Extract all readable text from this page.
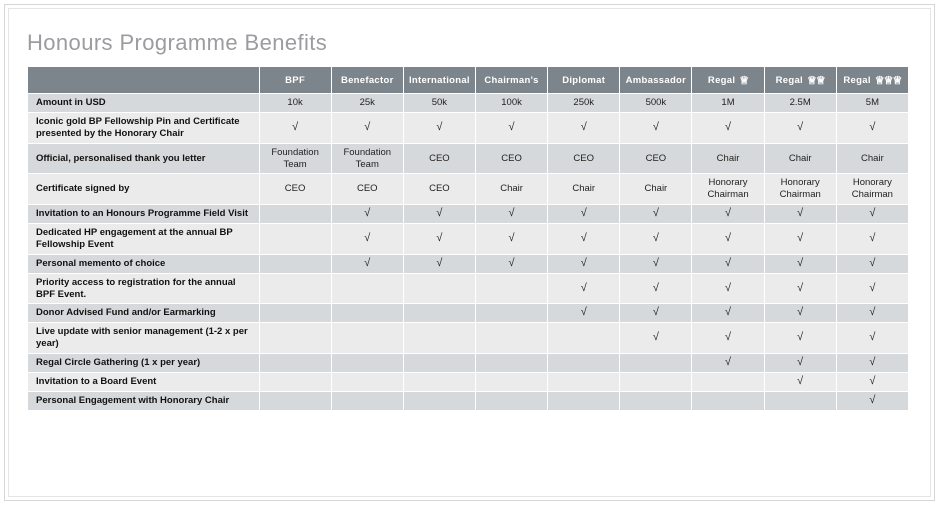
Honours Programme Benefits
	BPF	Benefactor	International	Chairman's	Diplomat	Ambassador	Regal ♕	Regal ♕♕	Regal ♕♕♕
Amount in USD	10k	25k	50k	100k	250k	500k	1M	2.5M	5M

Iconic gold BP Fellowship Pin and Certificate presented by the Honorary Chair	√	√	√	√	√	√	√	√	√
Official, personalised thank you letter	Foundation Team	Foundation Team	CEO	CEO	CEO	CEO	Chair	Chair	Chair

Certificate signed by	CEO	CEO	CEO	Chair	Chair	Chair	Honorary Chairman	Honorary Chairman	Honorary Chairman

Invitation to an Honours Programme Field Visit		√	√	√	√	√	√	√	√
Dedicated HP engagement at the annual BP Fellowship Event		√	√	√	√	√	√	√	√
Personal memento of choice		√	√	√	√	√	√	√	√
Priority access to registration for the annual BPF Event.					√	√	√	√	√
Donor Advised Fund and/or Earmarking					√	√	√	√	√
Live update with senior management (1-2 x per year)						√	√	√	√
Regal Circle Gathering (1 x per year)							√	√	√
Invitation to a Board Event								√	√
Personal Engagement with Honorary Chair									√
